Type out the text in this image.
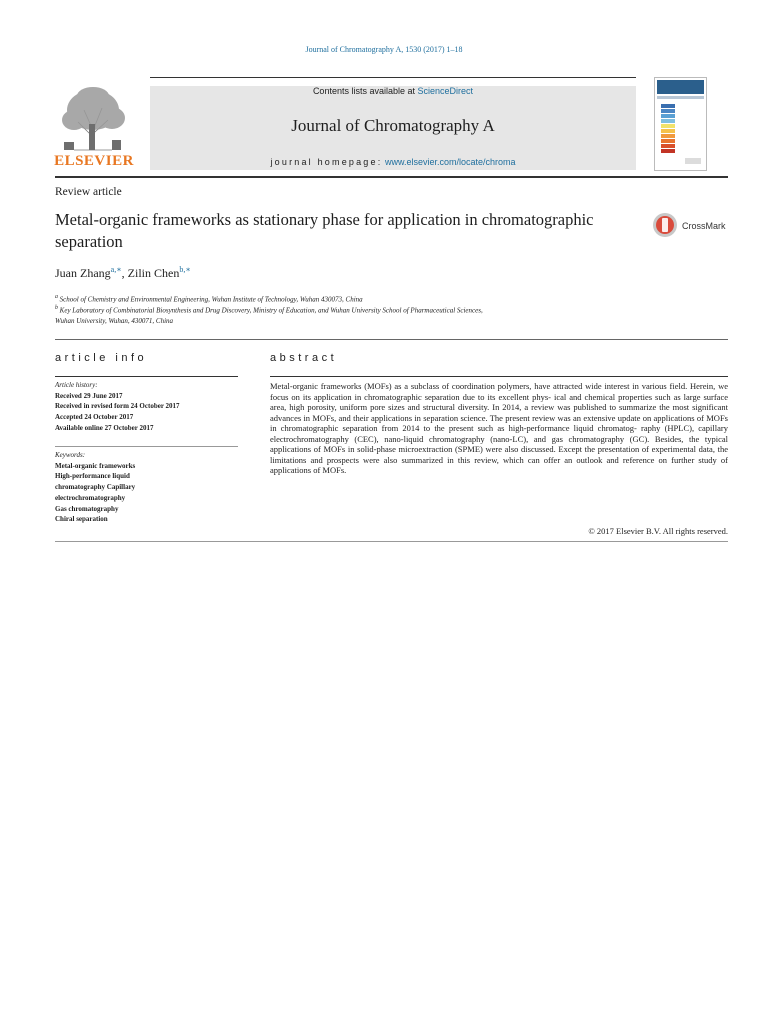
Journal of Chromatography A, 1530 (2017) 1–18
ELSEVIER
Contents lists available at ScienceDirect
Journal of Chromatography A
journal homepage: www.elsevier.com/locate/chroma
Review article
Metal-organic frameworks as stationary phase for application in chromatographic separation
CrossMark
Juan Zhang$^{a,∗}$, Zilin Chen$^{b,∗}$
$^a$ School of Chemistry and Environmental Engineering, Wuhan Institute of Technology, Wuhan 430073, China
$^b$ Key Laboratory of Combinatorial Biosynthesis and Drug Discovery, Ministry of Education, and Wuhan University School of Pharmaceutical Sciences,
Wuhan University, Wuhan, 430071, China
article info	abstract
Article history:
Received 29 June 2017
Received in revised form 24 October 2017
Accepted 24 October 2017
Available online 27 October 2017
Keywords:
Metal-organic frameworks
High-performance liquid
chromatography Capillary
electrochromatography
Gas chromatography
Chiral separation
Metal-organic frameworks (MOFs) as a subclass of coordination polymers, have attracted wide interest in various field. Herein, we focus on its application in chromatographic separation due to its excellent phys- ical and chemical properties such as large surface area, high porosity, uniform pore sizes and structural diversity. In 2014, a review was published to summarize the most significant advances in MOFs, and their applications in separation science. The present review was an extensive update on applications of MOFs in chromatographic separation from 2014 to the present such as high-performance liquid chromatog- raphy (HPLC), capillary electrochromatography (CEC), nano-liquid chromatography (nano-LC), and gas chromatography (GC). Besides, the typical applications of MOFs in solid-phase microextraction (SPME) were also discussed. Except the presentation of experimental data, the limitations and prospects were also summarized in this review, which can offer an outlook and reference on further study of applications of MOFs.
© 2017 Elsevier B.V. All rights reserved.
